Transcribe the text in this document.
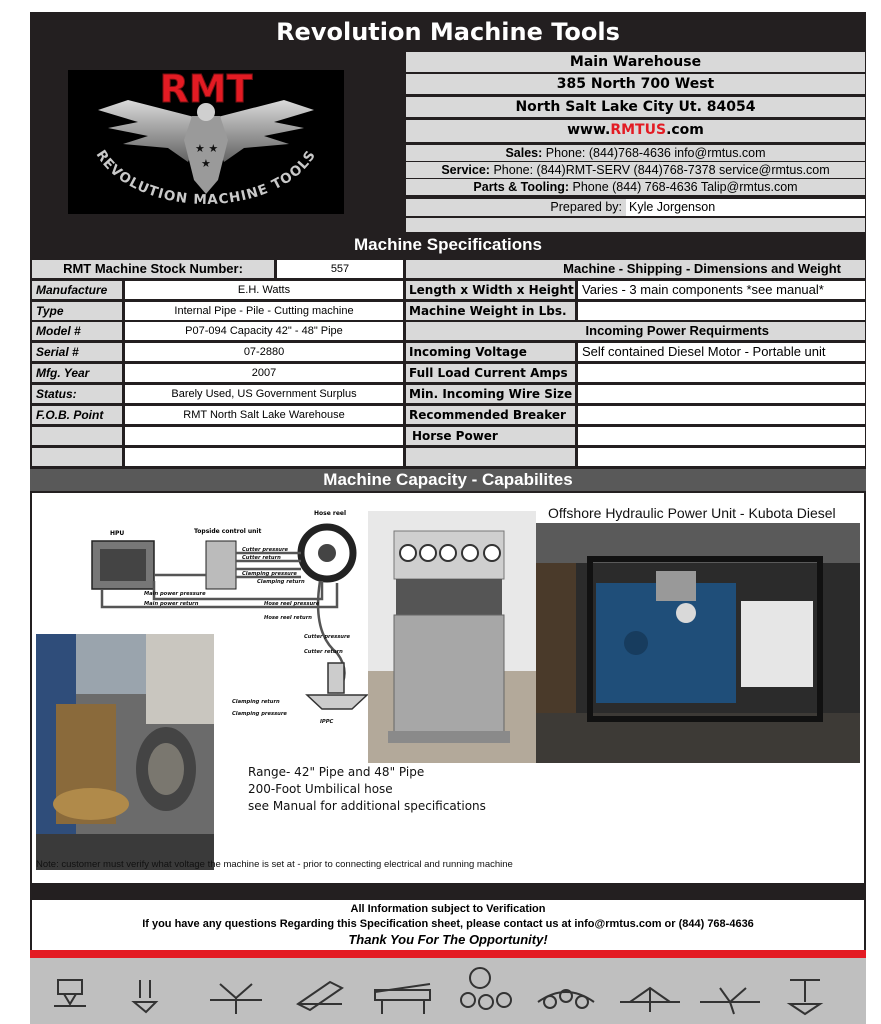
Revolution Machine Tools
★ ★
★
RMT
REVOLUTION MACHINE TOOLS
Main Warehouse
385 North 700 West
North Salt Lake City Ut. 84054
www.RMTUS.com
Sales: Phone: (844)768-4636 info@rmtus.com
Service: Phone: (844)RMT-SERV (844)768-7378 service@rmtus.com
Parts & Tooling: Phone (844) 768-4636 Talip@rmtus.com
Prepared by: Kyle Jorgenson
Machine Specifications
RMT Machine Stock Number:	557
Manufacture	E.H. Watts
Type	Internal Pipe - Pile - Cutting machine
Model #	P07-094 Capacity 42" - 48" Pipe
Serial #	07-2880
Mfg. Year	2007
Status:	Barely Used, US Government Surplus
F.O.B. Point	RMT North Salt Lake Warehouse
Machine - Shipping - Dimensions and Weight
Length x Width x Height Varies - 3 main components *see manual*
Machine Weight in Lbs.
Incoming Power Requirments
Incoming Voltage	Self contained Diesel Motor - Portable unit
Full Load Current Amps
Min. Incoming Wire Size
Recommended Breaker
Horse Power
Machine Capacity - Capabilites
HPU	Topside control unit
Hose reel
Cutter pressure
Cutter return
Clamping pressure
Clamping return
Main power pressure
Main power return	Hose reel pressure
Hose reel return
Cutter pressure
Cutter return
Clamping return
Clamping pressure
IPPC
Offshore Hydraulic Power Unit - Kubota Diesel
Range- 42" Pipe and 48" Pipe
200-Foot Umbilical hose
see Manual for additional specifications
Note: customer must verify what voltage the machine is set at - prior to connecting electrical and running machine
All Information subject to Verification
If you have any questions Regarding this Specification sheet, please contact us at info@rmtus.com or (844) 768-4636
Thank You For The Opportunity!
